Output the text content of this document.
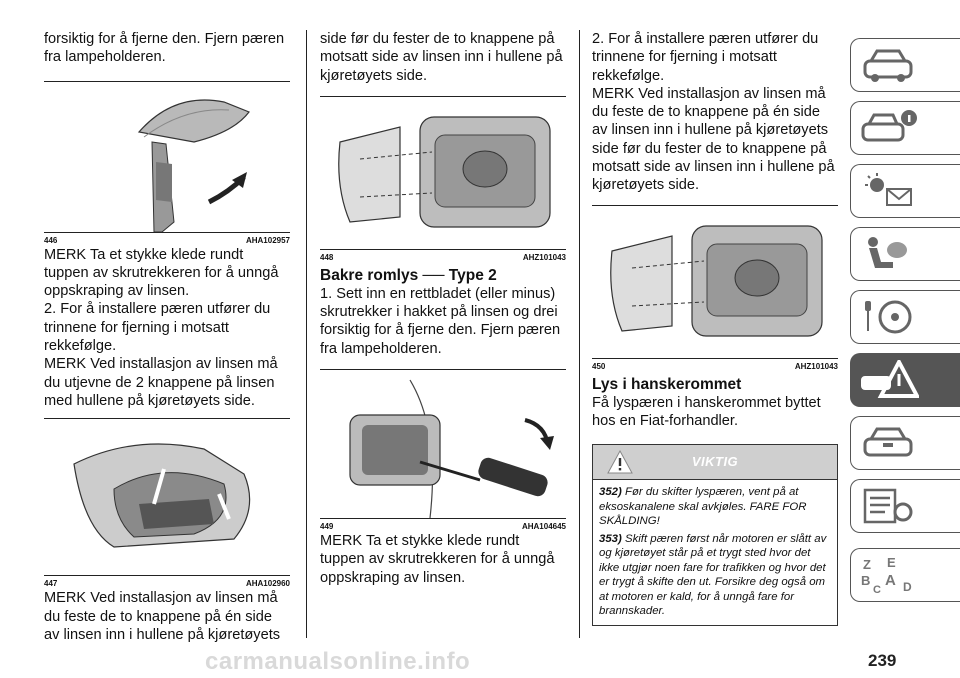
forsiktig for å fjerne den. Fjern pæren fra lampeholderen.

446	AHA102957

MERK Ta et stykke klede rundt tuppen av skrutrekkeren for å unngå oppskraping av linsen.

2. For å installere pæren utfører du trinnene for fjerning i motsatt rekkefølge.

MERK Ved installasjon av linsen må du utjevne de 2 knappene på linsen med hullene på kjøretøyets side.

447	AHA102960

MERK Ved installasjon av linsen må du feste de to knappene på én side av linsen inn i hullene på kjøretøyets

side før du fester de to knappene på motsatt side av linsen inn i hullene på kjøretøyets side.

448	AHZ101043
Bakre romlys ── Type 2

1. Sett inn en rettbladet (eller minus) skrutrekker i hakket på linsen og drei forsiktig for å fjerne den. Fjern pæren fra lampeholderen.

449	AHA104645

MERK Ta et stykke klede rundt tuppen av skrutrekkeren for å unngå oppskraping av linsen.

2. For å installere pæren utfører du trinnene for fjerning i motsatt rekkefølge.

MERK Ved installasjon av linsen må du feste de to knappene på én side av linsen inn i hullene på kjøretøyets side før du fester de to knappene på motsatt side av linsen inn i hullene på kjøretøyets side.

450	AHZ101043
Lys i hanskerommet

Få lyspæren i hanskerommet byttet hos en Fiat-forhandler.

VIKTIG
352) Før du skifter lyspæren, vent på at eksoskanalene skal avkjøles. FARE FOR SKÅLDING!
353) Skift pæren først når motoren er slått av og kjøretøyet står på et trygt sted hvor det ikke utgjør noen fare for trafikken og hvor det er trygt å skifte den ut. Forsikre deg også om at motoren er kald, for å unngå fare for brannskader.
Z E
B A
C D
carmanualsonline.info	239
